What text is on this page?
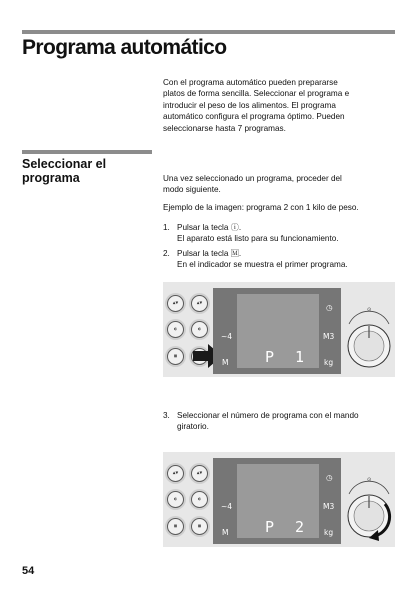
Programa automático
Con el programa automático pueden prepararse
platos de forma sencilla. Seleccionar el programa e
introducir el peso de los alimentos. El programa
automático configura el programa óptimo. Pueden
seleccionarse hasta 7 programas.
Seleccionar el programa	Una vez seleccionado un programa, proceder del
modo siguiente.
Ejemplo de la imagen: programa 2 con 1 kilo de peso.
1. Pulsar la tecla ⓘ.
El aparato está listo para su funcionamiento.
2. Pulsar la tecla 🄼.
En el indicador se muestra el primer programa.
▲▼	▲▼
◐	◐
▦	P 1
~4
M
◷
M3
kg
⊙
3. Seleccionar el número de programa con el mando
giratorio.
▲▼	▲▼
◐	◐
▦	▦	P 2
~4
M
◷
M3
kg
⊙
54
